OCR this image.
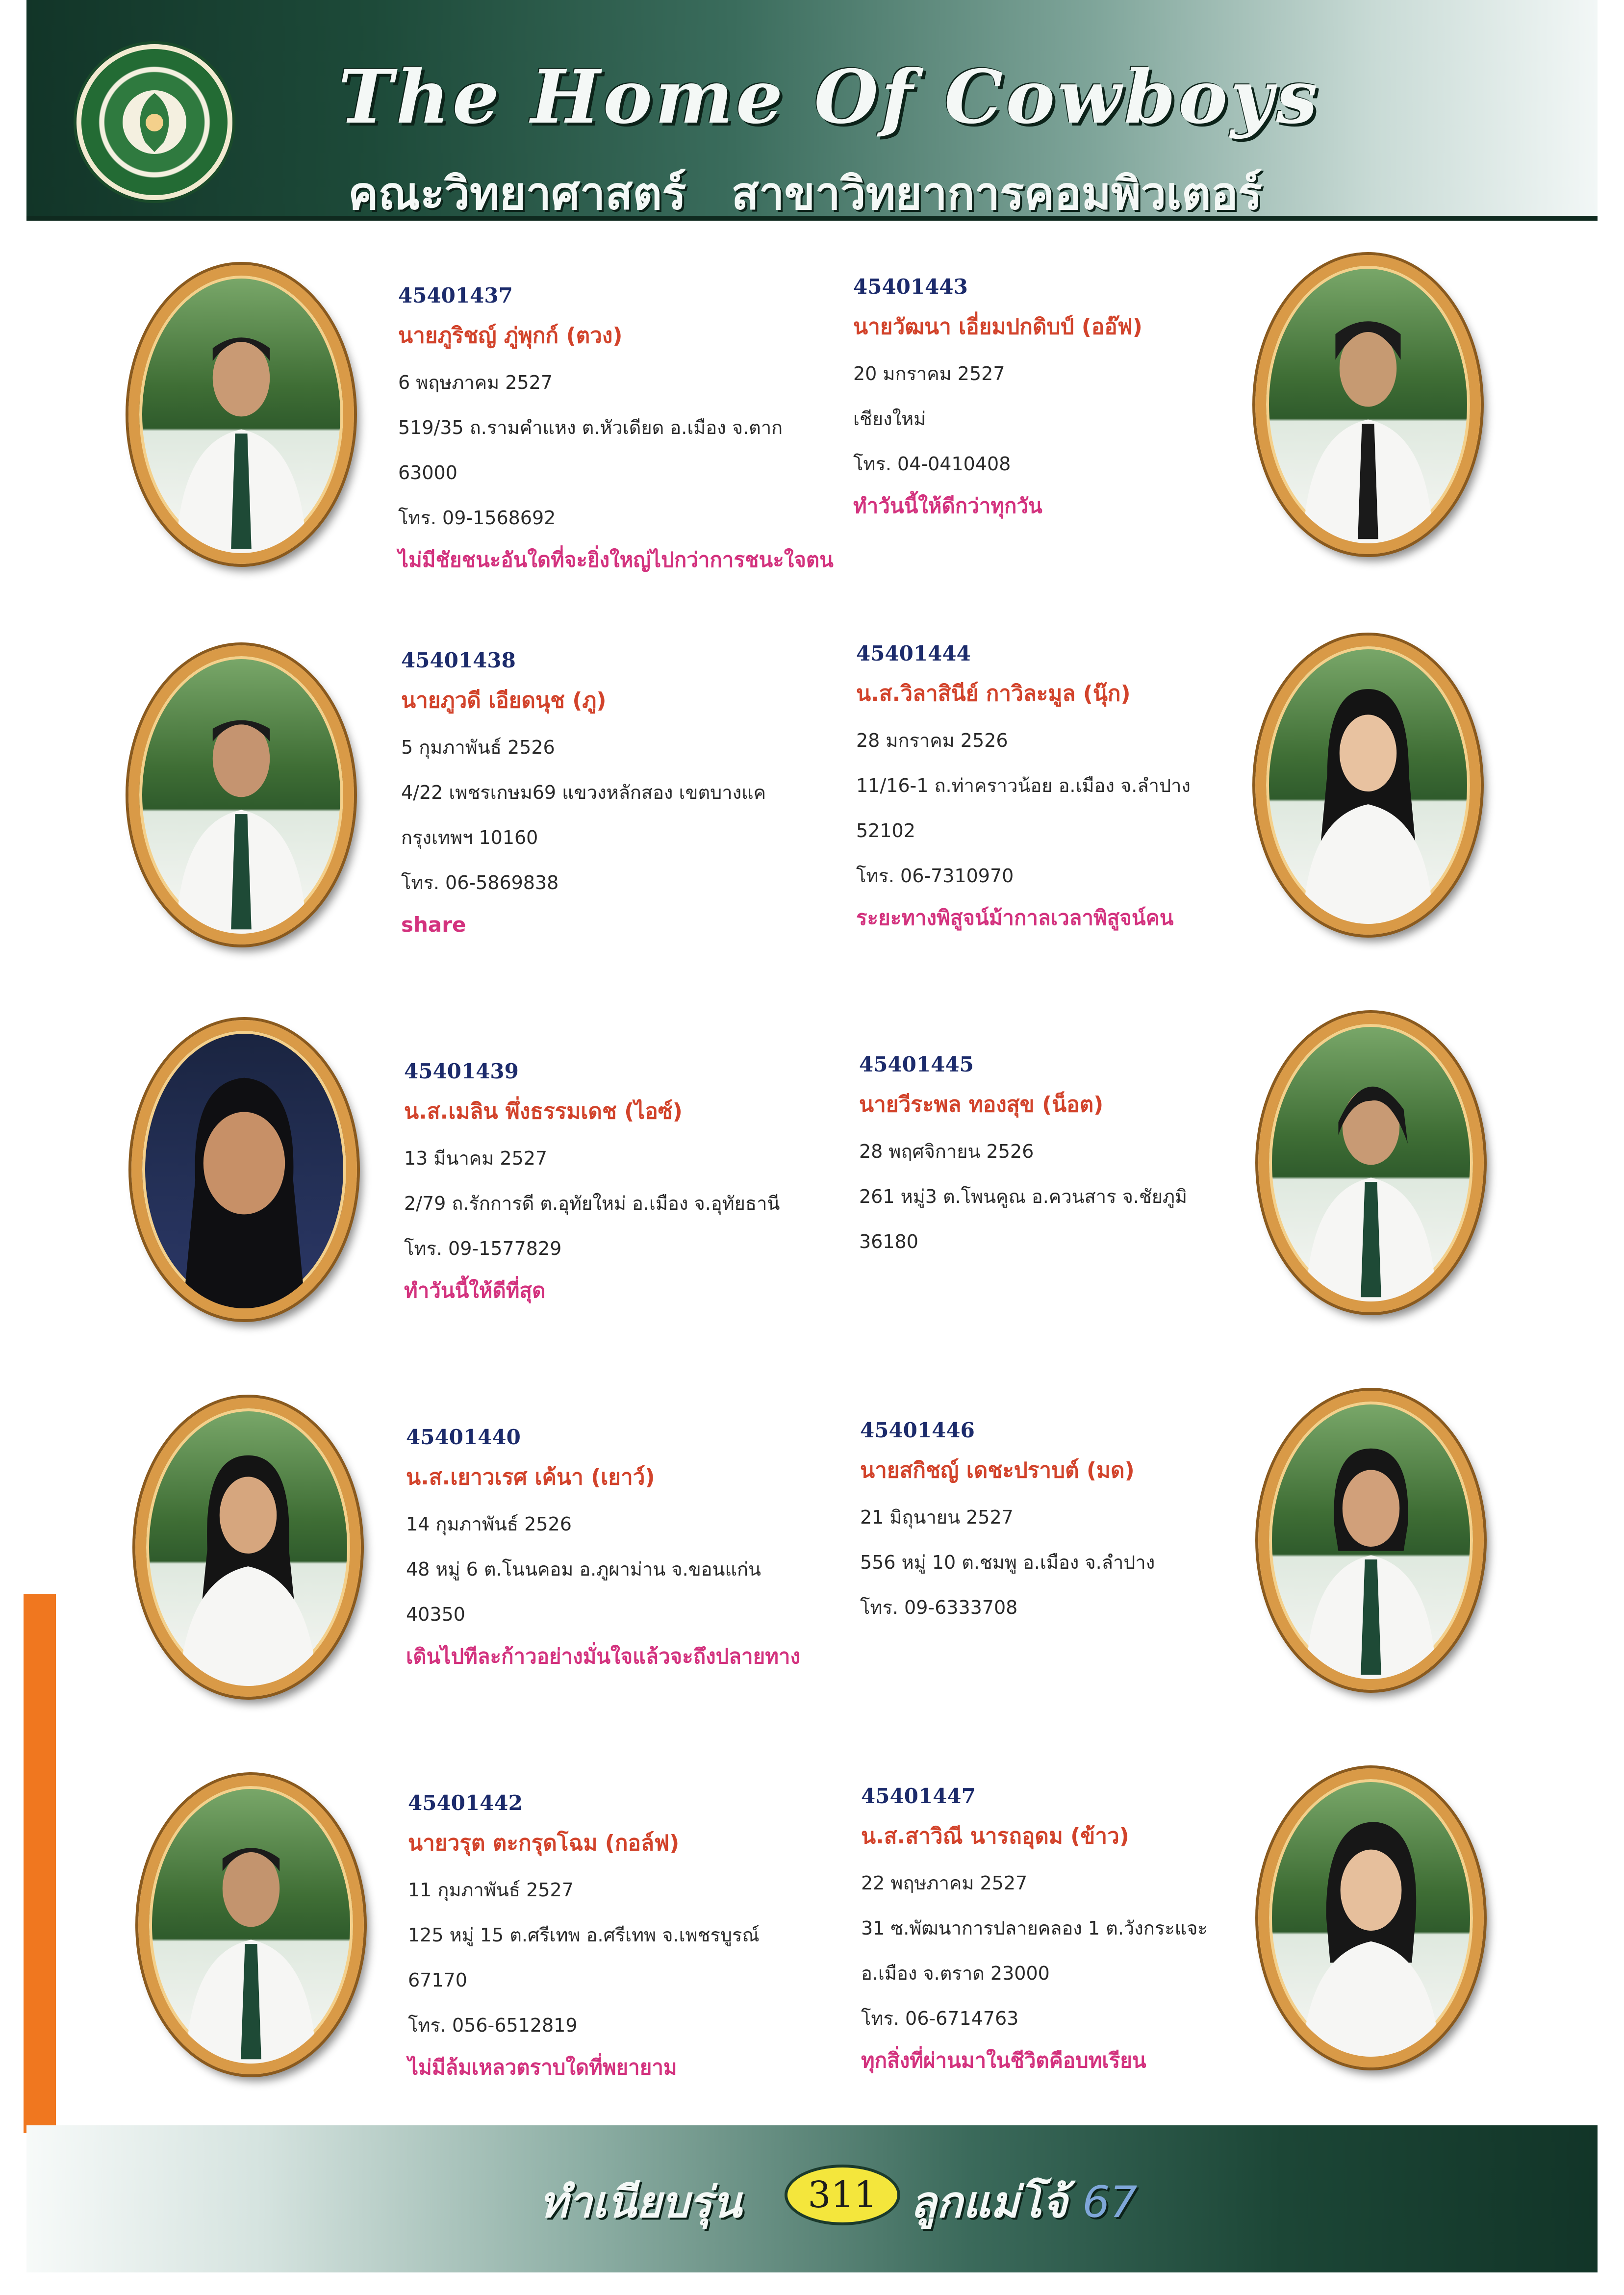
The Home Of Cowboys
คณะวิทยาศาสตร์ สาขาวิทยาการคอมพิวเตอร์
45401437
นายภูริชญ์ ภู่พุกก์ (ตวง)
6 พฤษภาคม 2527
519/35 ถ.รามคำแหง ต.หัวเดียด อ.เมือง จ.ตาก
63000
โทร. 09-1568692
ไม่มีชัยชนะอันใดที่จะยิ่งใหญ่ไปกว่าการชนะใจตน
45401443
นายวัฒนา เอี่ยมปกดิบป์ (ออ๊ฟ)
20 มกราคม 2527
เชียงใหม่
โทร. 04-0410408
ทำวันนี้ให้ดีกว่าทุกวัน
45401438
นายภูวดี เอียดนุช (ภู)
5 กุมภาพันธ์ 2526
4/22 เพชรเกษม69 แขวงหลักสอง เขตบางแค
กรุงเทพฯ 10160
โทร. 06-5869838
share
45401444
น.ส.วิลาสินีย์ กาวิละมูล (นุ๊ก)
28 มกราคม 2526
11/16-1 ถ.ท่าคราวน้อย อ.เมือง จ.ลำปาง
52102
โทร. 06-7310970
ระยะทางพิสูจน์ม้ากาลเวลาพิสูจน์คน
45401439
น.ส.เมลิน พึ่งธรรมเดช (ไอซ์)
13 มีนาคม 2527
2/79 ถ.รักการดี ต.อุทัยใหม่ อ.เมือง จ.อุทัยธานี
โทร. 09-1577829
ทำวันนี้ให้ดีที่สุด
45401445
นายวีระพล ทองสุข (น็อต)
28 พฤศจิกายน 2526
261 หมู่3 ต.โพนคูณ อ.ควนสาร จ.ชัยภูมิ
36180
45401440
น.ส.เยาวเรศ เค้นา (เยาว์)
14 กุมภาพันธ์ 2526
48 หมู่ 6 ต.โนนคอม อ.ภูผาม่าน จ.ขอนแก่น
40350
เดินไปทีละก้าวอย่างมั่นใจแล้วจะถึงปลายทาง
45401446
นายสกิชญ์ เดชะปราบต์ (มด)
21 มิถุนายน 2527
556 หมู่ 10 ต.ชมพู อ.เมือง จ.ลำปาง
โทร. 09-6333708
45401442
นายวรุต ตะกรุดโฉม (กอล์ฟ)
11 กุมภาพันธ์ 2527
125 หมู่ 15 ต.ศรีเทพ อ.ศรีเทพ จ.เพชรบูรณ์
67170
โทร. 056-6512819
ไม่มีล้มเหลวตราบใดที่พยายาม
45401447
น.ส.สาวิณี นารถอุดม (ข้าว)
22 พฤษภาคม 2527
31 ซ.พัฒนาการปลายคลอง 1 ต.วังกระแจะ
อ.เมือง จ.ตราด 23000
โทร. 06-6714763
ทุกสิ่งที่ผ่านมาในชีวิตคือบทเรียน
ทำเนียบรุ่น	311 ลูกแม่โจ้ 67
